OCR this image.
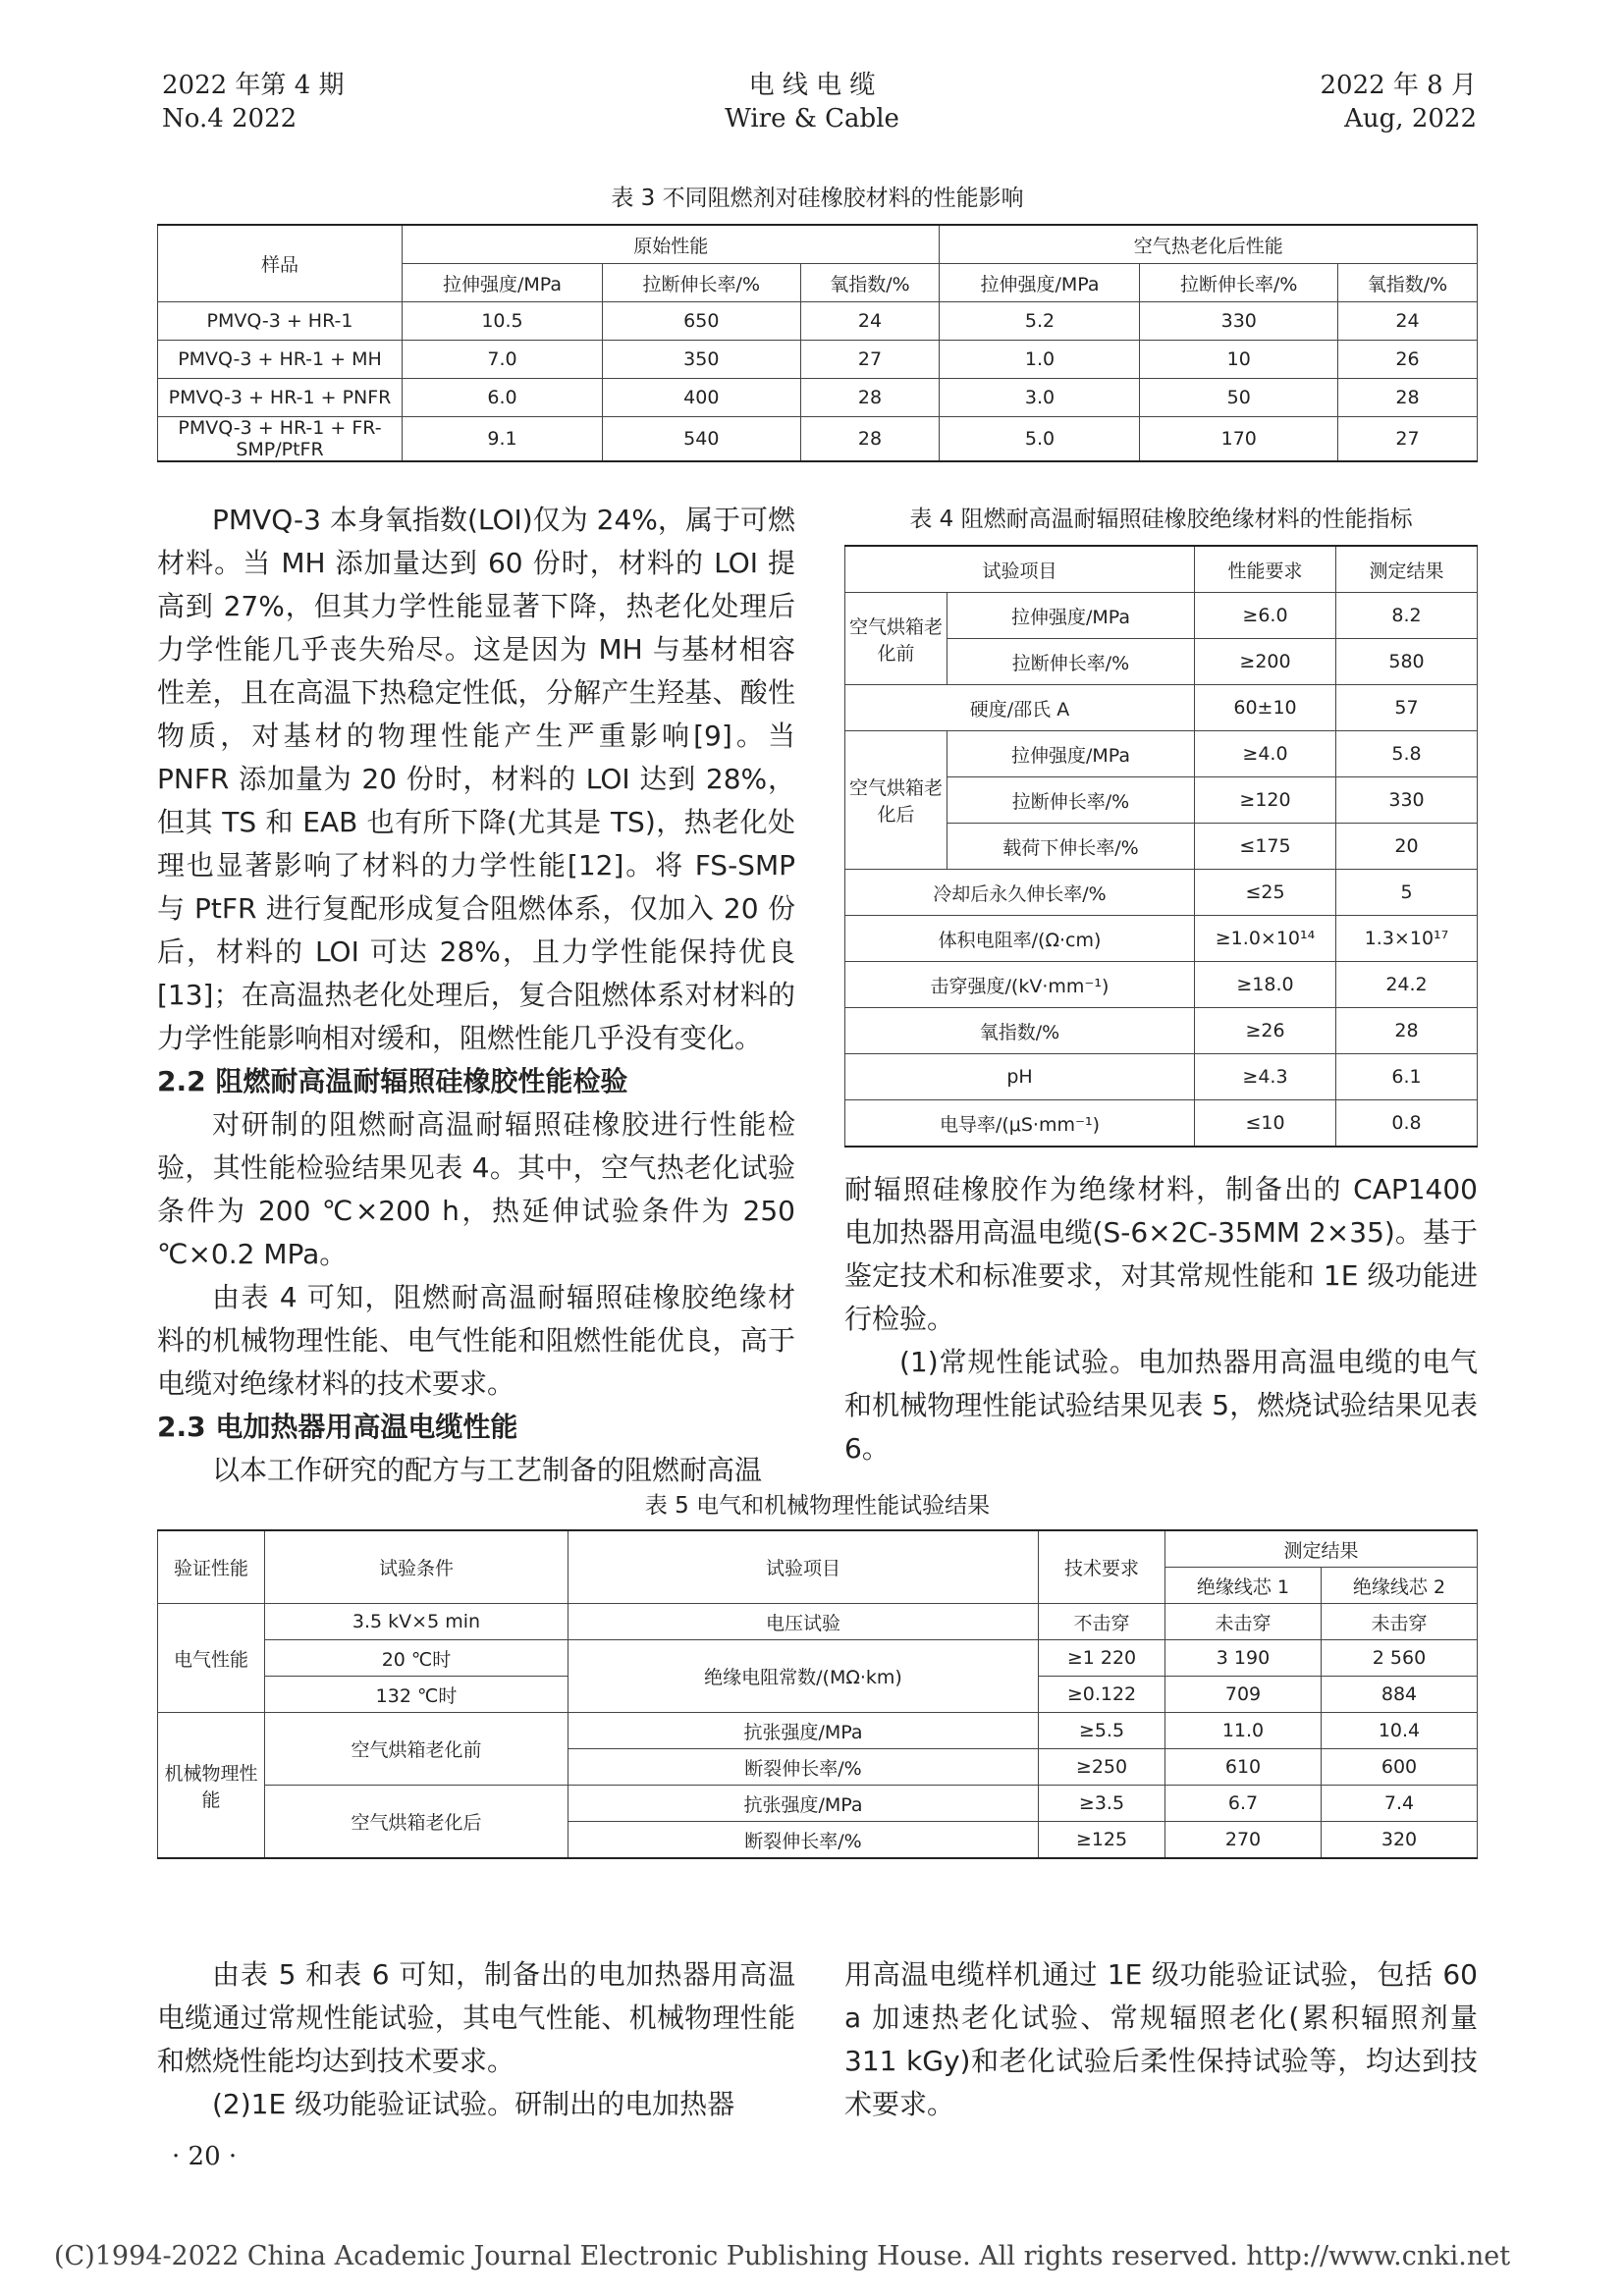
2022 年第 4 期
No.4 2022
电 线 电 缆
Wire & Cable
2022 年 8 月
Aug, 2022
表 3 不同阻燃剂对硅橡胶材料的性能影响
样品	原始性能			空气热老化后性能		
	拉伸强度/MPa	拉断伸长率/%	氧指数/%	拉伸强度/MPa	拉断伸长率/%	氧指数/%
PMVQ-3 + HR-1	10.5	650	24	5.2	330	24
PMVQ-3 + HR-1 + MH	7.0	350	27	1.0	10	26
PMVQ-3 + HR-1 + PNFR	6.0	400	28	3.0	50	28
PMVQ-3 + HR-1 + FR-SMP/PtFR	9.1	540	28	5.0	170	27

PMVQ-3 本身氧指数(LOI)仅为 24%，属于可燃材料。当 MH 添加量达到 60 份时，材料的 LOI 提高到 27%，但其力学性能显著下降，热老化处理后力学性能几乎丧失殆尽。这是因为 MH 与基材相容性差，且在高温下热稳定性低，分解产生羟基、酸性物质，对基材的物理性能产生严重影响[9]。当 PNFR 添加量为 20 份时，材料的 LOI 达到 28%，但其 TS 和 EAB 也有所下降(尤其是 TS)，热老化处理也显著影响了材料的力学性能[12]。将 FS-SMP 与 PtFR 进行复配形成复合阻燃体系，仅加入 20 份后，材料的 LOI 可达 28%，且力学性能保持优良[13]；在高温热老化处理后，复合阻燃体系对材料的力学性能影响相对缓和，阻燃性能几乎没有变化。

2.2 阻燃耐高温耐辐照硅橡胶性能检验

对研制的阻燃耐高温耐辐照硅橡胶进行性能检验，其性能检验结果见表 4。其中，空气热老化试验条件为 200 ℃×200 h，热延伸试验条件为 250 ℃×0.2 MPa。

由表 4 可知，阻燃耐高温耐辐照硅橡胶绝缘材料的机械物理性能、电气性能和阻燃性能优良，高于电缆对绝缘材料的技术要求。

2.3 电加热器用高温电缆性能

以本工作研究的配方与工艺制备的阻燃耐高温

表 4 阻燃耐高温耐辐照硅橡胶绝缘材料的性能指标
试验项目		性能要求	测定结果
空气烘箱老化前	拉伸强度/MPa	≥6.0	8.2
	拉断伸长率/%	≥200	580
硬度/邵氏 A		60±10	57
空气烘箱老化后	拉伸强度/MPa	≥4.0	5.8
	拉断伸长率/%	≥120	330
	载荷下伸长率/%	≤175	20
冷却后永久伸长率/%		≤25	5
体积电阻率/(Ω·cm)		≥1.0×10¹⁴	1.3×10¹⁷
击穿强度/(kV·mm⁻¹)		≥18.0	24.2
氧指数/%		≥26	28
pH		≥4.3	6.1
电导率/(μS·mm⁻¹)		≤10	0.8

耐辐照硅橡胶作为绝缘材料，制备出的 CAP1400 电加热器用高温电缆(S-6×2C-35MM 2×35)。基于鉴定技术和标准要求，对其常规性能和 1E 级功能进行检验。

(1)常规性能试验。电加热器用高温电缆的电气和机械物理性能试验结果见表 5，燃烧试验结果见表 6。

表 5 电气和机械物理性能试验结果
验证性能	试验条件	试验项目	技术要求	测定结果	
				绝缘线芯 1	绝缘线芯 2
电气性能	3.5 kV×5 min	电压试验	不击穿	未击穿	未击穿
	20 ℃时	绝缘电阻常数/(MΩ·km)	≥1 220	3 190	2 560
	132 ℃时		≥0.122	709	884
机械物理性能	空气烘箱老化前	抗张强度/MPa	≥5.5	11.0	10.4
		断裂伸长率/%	≥250	610	600
	空气烘箱老化后	抗张强度/MPa	≥3.5	6.7	7.4
		断裂伸长率/%	≥125	270	320

由表 5 和表 6 可知，制备出的电加热器用高温电缆通过常规性能试验，其电气性能、机械物理性能和燃烧性能均达到技术要求。

(2)1E 级功能验证试验。研制出的电加热器

用高温电缆样机通过 1E 级功能验证试验，包括 60 a 加速热老化试验、常规辐照老化(累积辐照剂量 311 kGy)和老化试验后柔性保持试验等，均达到技术要求。

· 20 ·
(C)1994-2022 China Academic Journal Electronic Publishing House. All rights reserved. http://www.cnki.net
